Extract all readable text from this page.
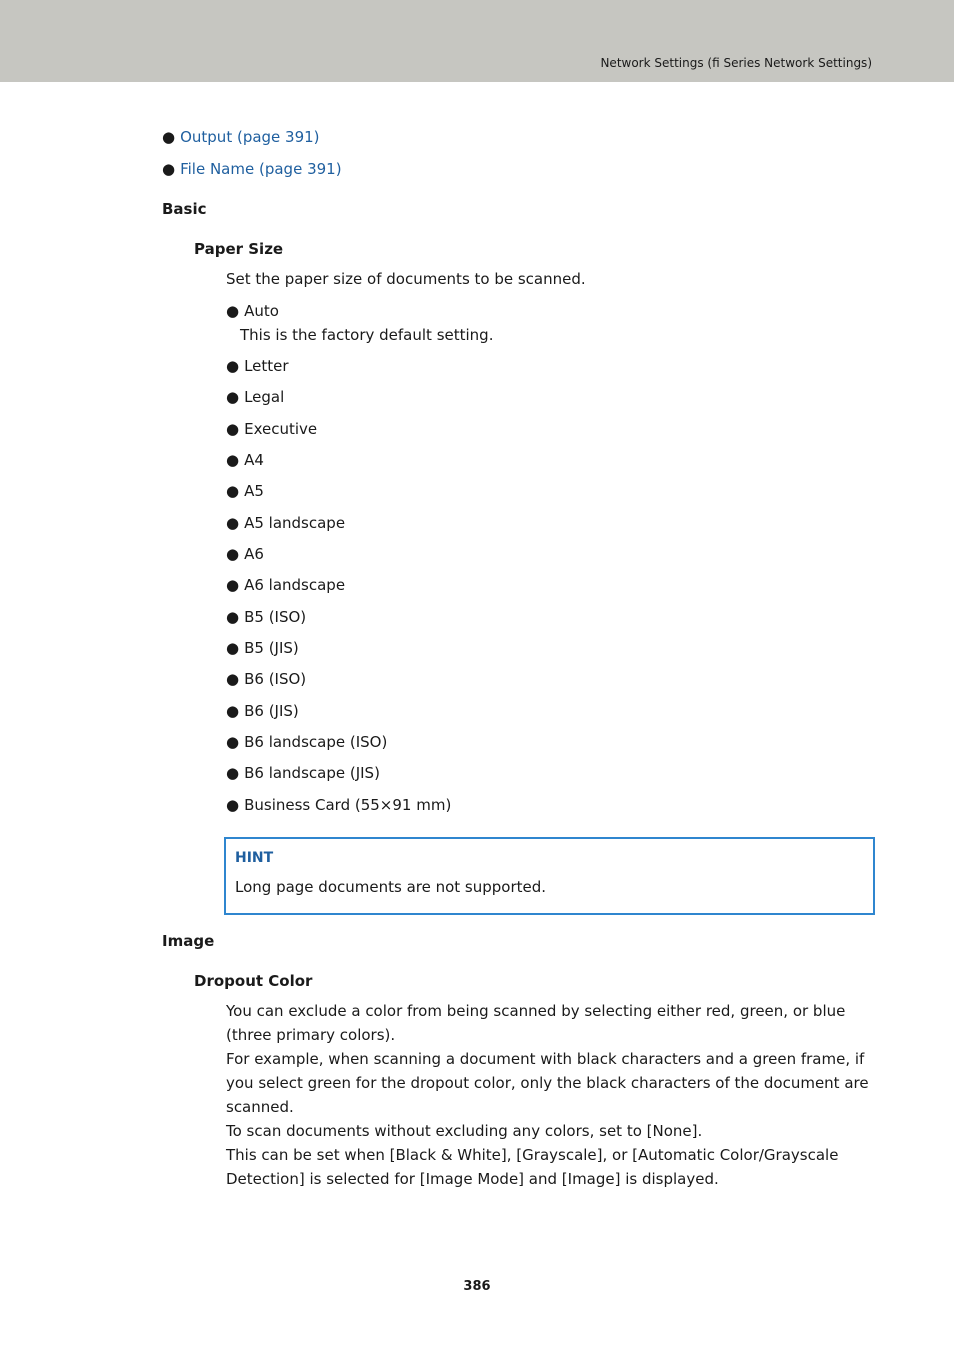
Network Settings (fi Series Network Settings)
● Output (page 391)
● File Name (page 391)
Basic
Paper Size
Set the paper size of documents to be scanned.
● Auto
This is the factory default setting.
● Letter
● Legal
● Executive
● A4
● A5
● A5 landscape
● A6
● A6 landscape
● B5 (ISO)
● B5 (JIS)
● B6 (ISO)
● B6 (JIS)
● B6 landscape (ISO)
● B6 landscape (JIS)
● Business Card (55×91 mm)
HINT
Long page documents are not supported.
Image
Dropout Color
You can exclude a color from being scanned by selecting either red, green, or blue
(three primary colors).
For example, when scanning a document with black characters and a green frame, if
you select green for the dropout color, only the black characters of the document are
scanned.
To scan documents without excluding any colors, set to [None].
This can be set when [Black & White], [Grayscale], or [Automatic Color/Grayscale
Detection] is selected for [Image Mode] and [Image] is displayed.
386
